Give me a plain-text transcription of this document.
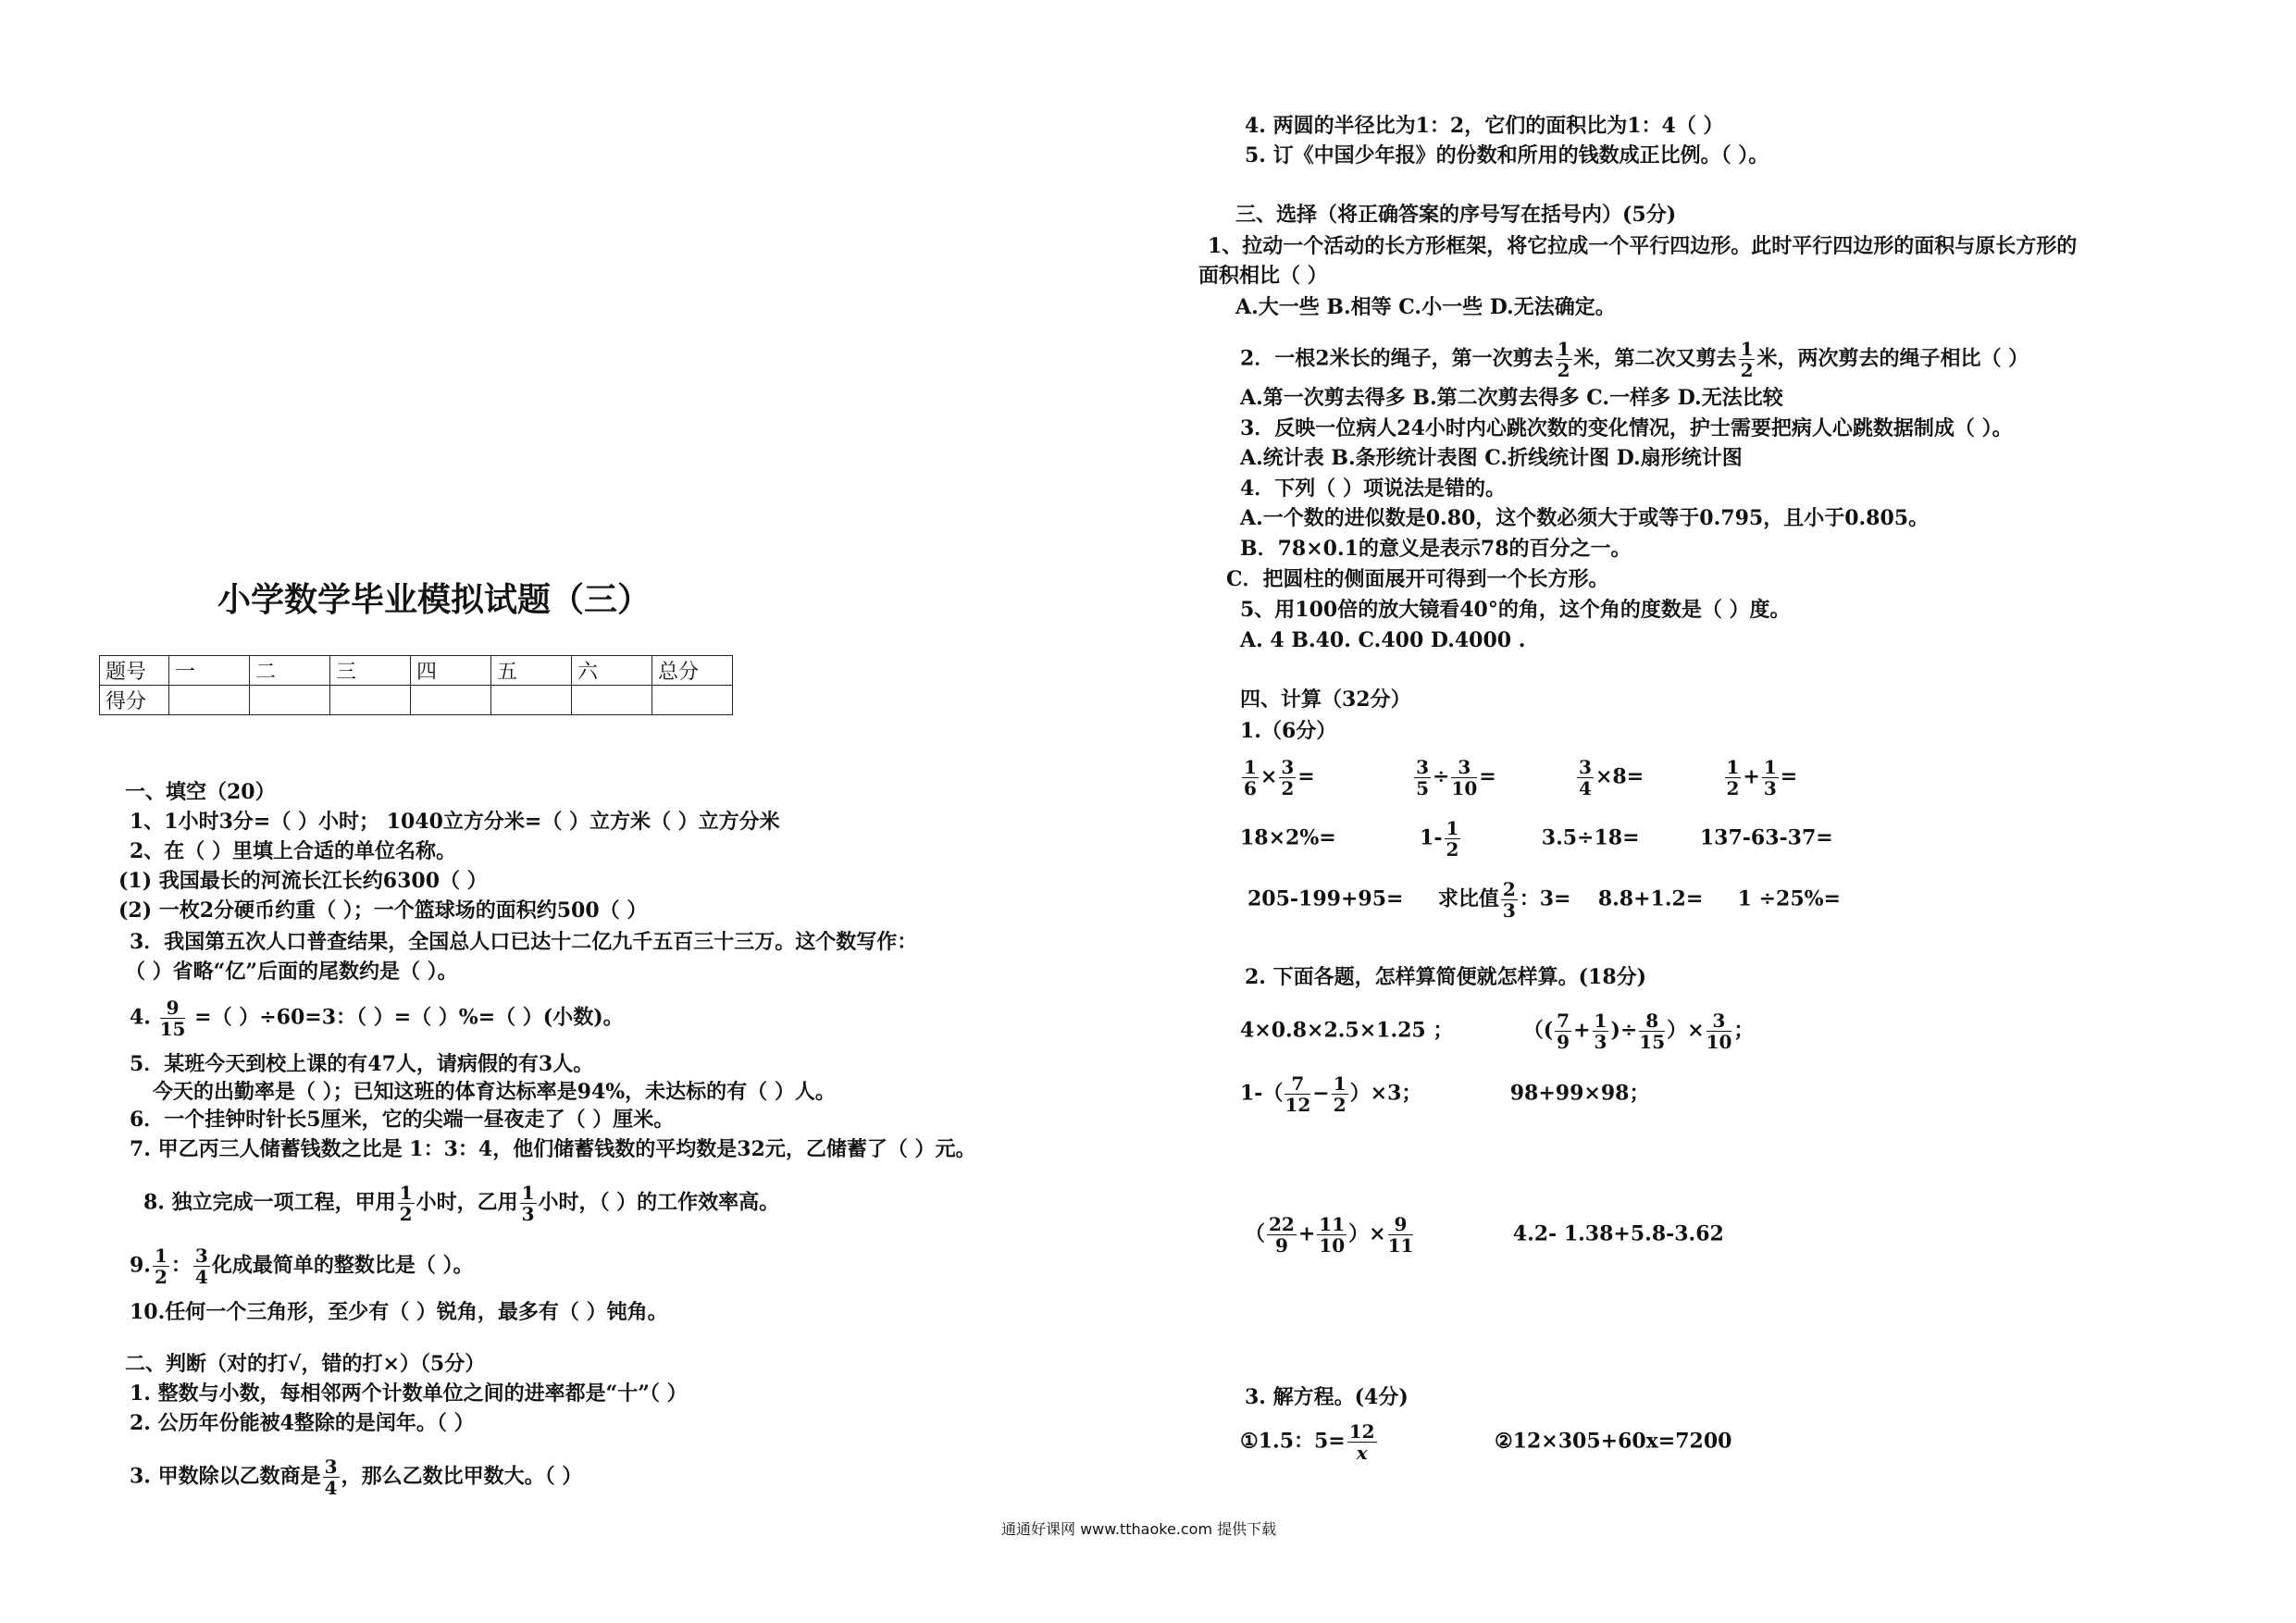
小学数学毕业模拟试题（三）
题号	一	二	三	四	五	六	总分
得分							
一、填空（20）
1、1小时3分=（ ）小时； 1040立方分米=（ ）立方米（ ）立方分米
2、在（ ）里填上合适的单位名称。
(1) 我国最长的河流长江长约6300（ ）
(2) 一枚2分硬币约重（ ）；一个篮球场的面积约500（ ）
3．我国第五次人口普查结果，全国总人口已达十二亿九千五百三十三万。这个数写作：
（ ）省略“亿”后面的尾数约是（ ）。
4. $\frac{9}{15}$ =（ ）÷60=3：（ ）=（ ）%=（ ）(小数)。
5．某班今天到校上课的有47人，请病假的有3人。
今天的出勤率是（ ）；已知这班的体育达标率是94%，未达标的有（ ）人。
6．一个挂钟时针长5厘米，它的尖端一昼夜走了（ ）厘米。
7. 甲乙丙三人储蓄钱数之比是 1：3：4，他们储蓄钱数的平均数是32元，乙储蓄了（ ）元。
8. 独立完成一项工程，甲用 $\frac{1}{2}$ 小时，乙用 $\frac{1}{3}$ 小时，（ ）的工作效率高。
9. $\frac{1}{2}$ ： $\frac{3}{4}$ 化成最简单的整数比是（ ）。
10.任何一个三角形，至少有（ ）锐角，最多有（ ）钝角。
二、判断（对的打√，错的打×）（5分）
1. 整数与小数，每相邻两个计数单位之间的进率都是“十”（ ）
2. 公历年份能被4整除的是闰年。（ ）
3. 甲数除以乙数商是 $\frac{3}{4}$ ，那么乙数比甲数大。（ ）
4. 两圆的半径比为1：2，它们的面积比为1：4（ ）
5. 订《中国少年报》的份数和所用的钱数成正比例。（ ）。
三、选择（将正确答案的序号写在括号内）(5分)
1、拉动一个活动的长方形框架，将它拉成一个平行四边形。此时平行四边形的面积与原长方形的
面积相比（ ）
A.大一些 B.相等 C.小一些 D.无法确定。
2．一根2米长的绳子，第一次剪去 $\frac{1}{2}$ 米，第二次又剪去 $\frac{1}{2}$ 米，两次剪去的绳子相比（ ）
A.第一次剪去得多 B.第二次剪去得多 C.一样多 D.无法比较
3．反映一位病人24小时内心跳次数的变化情况，护士需要把病人心跳数据制成（ ）。
A.统计表 B.条形统计表图 C.折线统计图 D.扇形统计图
4．下列（ ）项说法是错的。
A.一个数的进似数是0.80，这个数必须大于或等于0.795，且小于0.805。
B．78×0.1的意义是表示78的百分之一。
C．把圆柱的侧面展开可得到一个长方形。
5、用100倍的放大镜看40°的角，这个角的度数是（ ）度。
A. 4 B.40. C.400 D.4000 .
四、计算（32分）
1.（6分）
$\frac{1}{6} \times \frac{3}{2}$ =	$\frac{3}{5} \div \frac{3}{10}$ =	$\frac{3}{4} \times 8=$	$\frac{1}{2} + \frac{1}{3}$ =
18×2%=	$1- \frac{1}{2}$	3.5÷18=	137-63-37=
205-199+95= 求比值 $\frac{2}{3}$ ：3= 8.8+1.2= 1 ÷25%=
2. 下面各题，怎样算简便就怎样算。(18分)
4×0.8×2.5×1.25 ；	（( $\frac{7}{9} + \frac{1}{3}$ )÷ $\frac{8}{15}$ ）× $\frac{3}{10}$ ；
$1-( \frac{7}{12} - \frac{1}{2} )\times 3$；	98+99×98；
（ $\frac{22}{9} + \frac{11}{10}$ ）× $\frac{9}{11}$	4.2- 1.38+5.8-3.62
3. 解方程。(4分)
①1.5：$5= \frac{12}{x}$	②12×305+60x=7200
通通好课网 www.tthaoke.com 提供下载
